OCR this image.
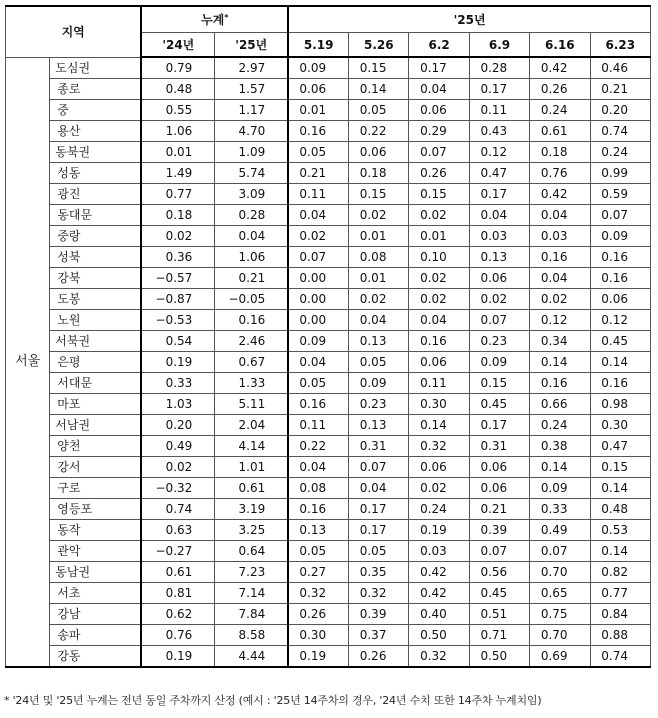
지역		누계*		'25년					
		'24년	'25년	5.19	5.26	6.2	6.9	6.16	6.23
서울	도심권	0.79	2.97	0.09	0.15	0.17	0.28	0.42	0.46
	종로	0.48	1.57	0.06	0.14	0.04	0.17	0.26	0.21
	중	0.55	1.17	0.01	0.05	0.06	0.11	0.24	0.20
	용산	1.06	4.70	0.16	0.22	0.29	0.43	0.61	0.74
	동북권	0.01	1.09	0.05	0.06	0.07	0.12	0.18	0.24
	성동	1.49	5.74	0.21	0.18	0.26	0.47	0.76	0.99
	광진	0.77	3.09	0.11	0.15	0.15	0.17	0.42	0.59
	동대문	0.18	0.28	0.04	0.02	0.02	0.04	0.04	0.07
	중랑	0.02	0.04	0.02	0.01	0.01	0.03	0.03	0.09
	성북	0.36	1.06	0.07	0.08	0.10	0.13	0.16	0.16
	강북	−0.57	0.21	0.00	0.01	0.02	0.06	0.04	0.16
	도봉	−0.87	−0.05	0.00	0.02	0.02	0.02	0.02	0.06
	노원	−0.53	0.16	0.00	0.04	0.04	0.07	0.12	0.12
	서북권	0.54	2.46	0.09	0.13	0.16	0.23	0.34	0.45
	은평	0.19	0.67	0.04	0.05	0.06	0.09	0.14	0.14
	서대문	0.33	1.33	0.05	0.09	0.11	0.15	0.16	0.16
	마포	1.03	5.11	0.16	0.23	0.30	0.45	0.66	0.98
	서남권	0.20	2.04	0.11	0.13	0.14	0.17	0.24	0.30
	양천	0.49	4.14	0.22	0.31	0.32	0.31	0.38	0.47
	강서	0.02	1.01	0.04	0.07	0.06	0.06	0.14	0.15
	구로	−0.32	0.61	0.08	0.04	0.02	0.06	0.09	0.14
	영등포	0.74	3.19	0.16	0.17	0.24	0.21	0.33	0.48
	동작	0.63	3.25	0.13	0.17	0.19	0.39	0.49	0.53
	관악	−0.27	0.64	0.05	0.05	0.03	0.07	0.07	0.14
	동남권	0.61	7.23	0.27	0.35	0.42	0.56	0.70	0.82
	서초	0.81	7.14	0.32	0.32	0.42	0.45	0.65	0.77
	강남	0.62	7.84	0.26	0.39	0.40	0.51	0.75	0.84
	송파	0.76	8.58	0.30	0.37	0.50	0.71	0.70	0.88
	강동	0.19	4.44	0.19	0.26	0.32	0.50	0.69	0.74
* '24년 및 '25년 누계는 전년 동일 주차까지 산정 (예시 : '25년 14주차의 경우, '24년 수치 또한 14주차 누계치임)
